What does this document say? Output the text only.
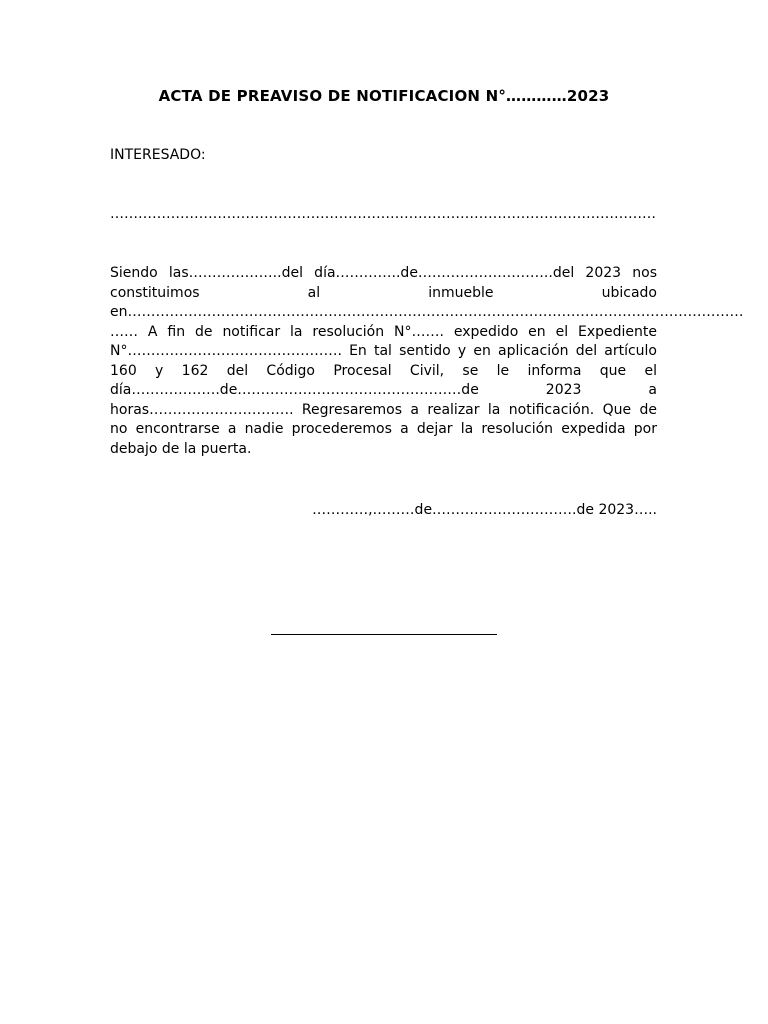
ACTA DE PREAVISO DE NOTIFICACION N°…………2023
INTERESADO:
………………………………………………………………………………………………………
Siendo las………………..del día…………..de………………………..del 2023 nos
constituimos al inmueble ubicado
en……………………………………………………………………………………………………………………
…… A fin de notificar la resolución N°……. expedido en el Expediente
N°………………………………………. En tal sentido y en aplicación del artículo
160 y 162 del Código Procesal Civil, se le informa que el
día……………….de…………………………………………de 2023 a
horas…………………………. Regresaremos a realizar la notificación. Que de
no encontrarse a nadie procederemos a dejar la resolución expedida por
debajo de la puerta.
…………,………de………………………….de 2023…..
